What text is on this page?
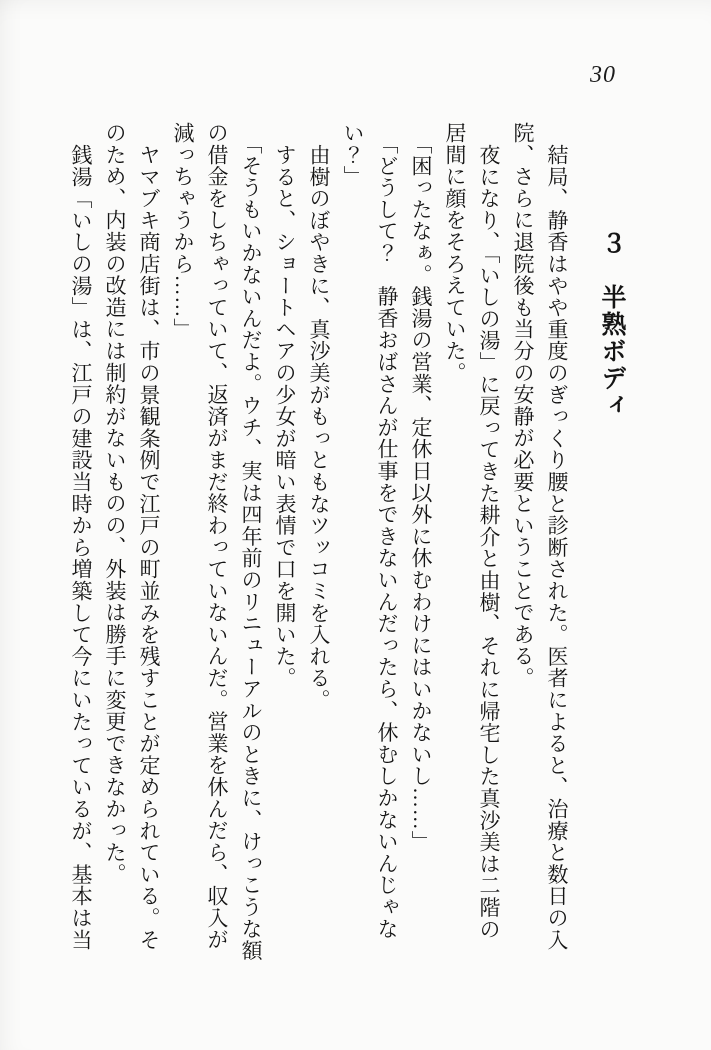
30
３　半熟ボディ

結局、静香はやや重度のぎっくり腰と診断された。医者によると、治療と数日の入

院、さらに退院後も当分の安静が必要ということである。

夜になり、「いしの湯」に戻ってきた耕介と由樹、それに帰宅した真沙美は二階の

居間に顔をそろえていた。

「困ったなぁ。銭湯の営業、定休日以外に休むわけにはいかないし……」

「どうして？　静香おばさんが仕事をできないんだったら、休むしかないんじゃな

い？」

由樹のぼやきに、真沙美がもっともなツッコミを入れる。

すると、ショートヘアの少女が暗い表情で口を開いた。

「そうもいかないんだよ。ウチ、実は四年前のリニューアルのときに、けっこうな額

の借金をしちゃっていて、返済がまだ終わっていないんだ。営業を休んだら、収入が

減っちゃうから……」

ヤマブキ商店街は、市の景観条例で江戸の町並みを残すことが定められている。そ

のため、内装の改造には制約がないものの、外装は勝手に変更できなかった。

銭湯「いしの湯」は、江戸の建設当時から増築して今にいたっているが、基本は当
